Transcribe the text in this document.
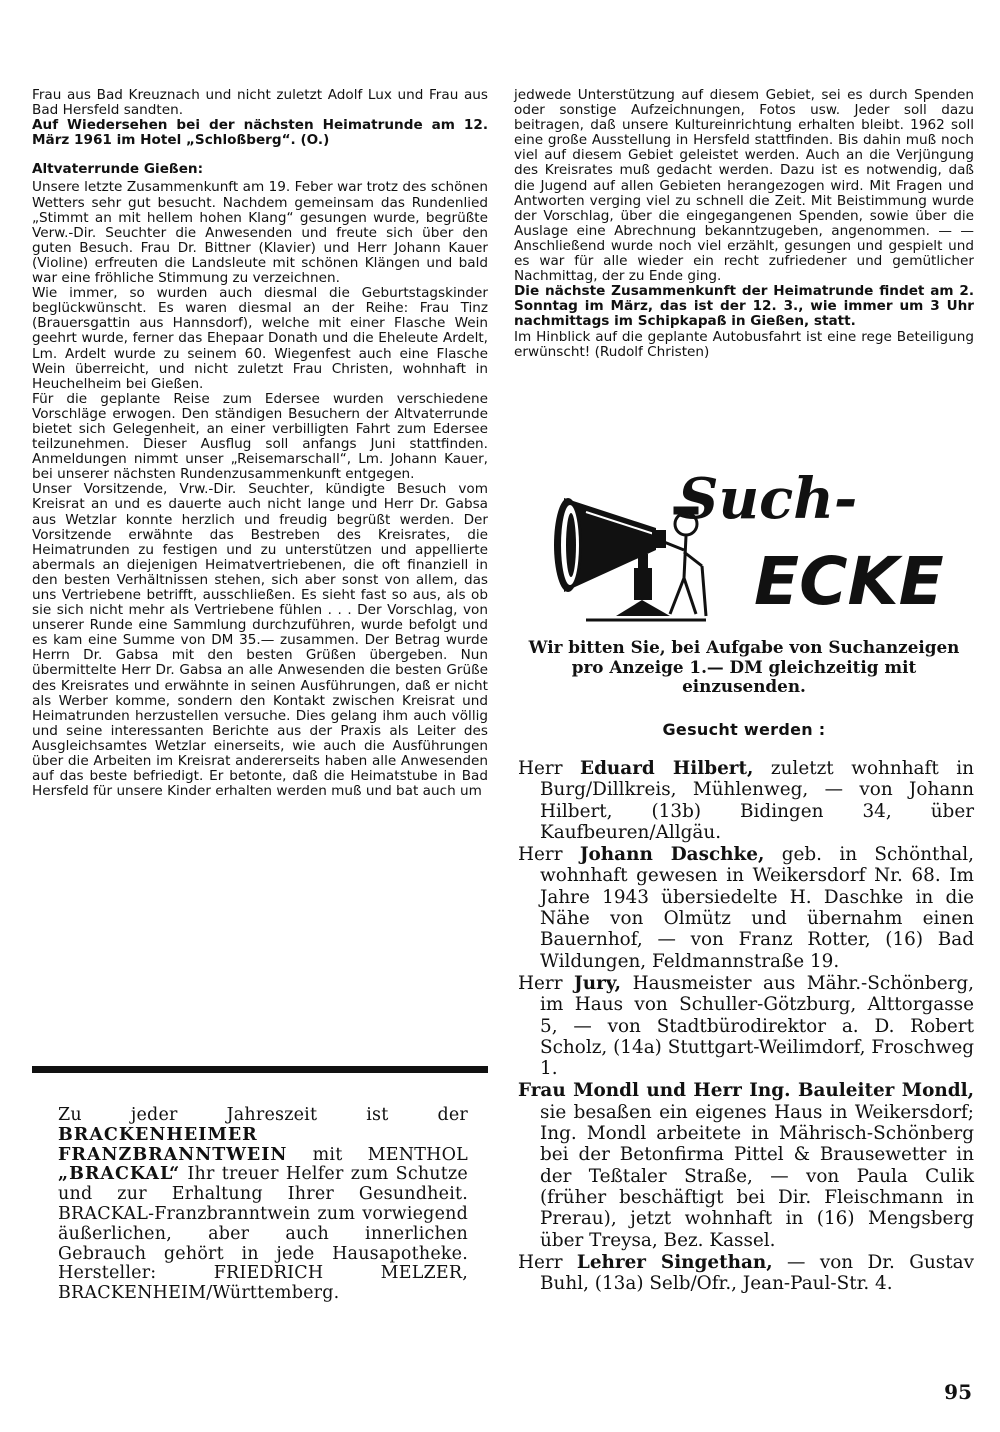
Frau aus Bad Kreuznach und nicht zuletzt Adolf Lux und Frau aus Bad Hersfeld sandten.

Auf Wiedersehen bei der nächsten Heimatrunde am 12. März 1961 im Hotel „Schloßberg“. (O.)

Altvaterrunde Gießen:

Unsere letzte Zusammenkunft am 19. Feber war trotz des schönen Wetters sehr gut besucht. Nachdem gemeinsam das Rundenlied „Stimmt an mit hellem hohen Klang“ gesungen wurde, begrüßte Verw.-Dir. Seuchter die Anwesenden und freute sich über den guten Besuch. Frau Dr. Bittner (Klavier) und Herr Johann Kauer (Violine) erfreuten die Landsleute mit schönen Klängen und bald war eine fröhliche Stimmung zu verzeichnen.

Wie immer, so wurden auch diesmal die Geburtstagskinder beglückwünscht. Es waren diesmal an der Reihe: Frau Tinz (Brauersgattin aus Hannsdorf), welche mit einer Flasche Wein geehrt wurde, ferner das Ehepaar Donath und die Eheleute Ardelt, Lm. Ardelt wurde zu seinem 60. Wiegenfest auch eine Flasche Wein überreicht, und nicht zuletzt Frau Christen, wohnhaft in Heuchelheim bei Gießen.

Für die geplante Reise zum Edersee wurden verschiedene Vorschläge erwogen. Den ständigen Besuchern der Altvaterrunde bietet sich Gelegenheit, an einer verbilligten Fahrt zum Edersee teilzunehmen. Dieser Ausflug soll anfangs Juni stattfinden. Anmeldungen nimmt unser „Reisemarschall“, Lm. Johann Kauer, bei unserer nächsten Rundenzusammenkunft entgegen.

Unser Vorsitzende, Vrw.-Dir. Seuchter, kündigte Besuch vom Kreisrat an und es dauerte auch nicht lange und Herr Dr. Gabsa aus Wetzlar konnte herzlich und freudig begrüßt werden. Der Vorsitzende erwähnte das Bestreben des Kreisrates, die Heimatrunden zu festigen und zu unterstützen und appellierte abermals an diejenigen Heimatvertriebenen, die oft finanziell in den besten Verhältnissen stehen, sich aber sonst von allem, das uns Vertriebene betrifft, ausschließen. Es sieht fast so aus, als ob sie sich nicht mehr als Vertriebene fühlen . . . Der Vorschlag, von unserer Runde eine Sammlung durchzuführen, wurde befolgt und es kam eine Summe von DM 35.— zusammen. Der Betrag wurde Herrn Dr. Gabsa mit den besten Grüßen übergeben. Nun übermittelte Herr Dr. Gabsa an alle Anwesenden die besten Grüße des Kreisrates und erwähnte in seinen Ausführungen, daß er nicht als Werber komme, sondern den Kontakt zwischen Kreisrat und Heimatrunden herzustellen versuche. Dies gelang ihm auch völlig und seine interessanten Berichte aus der Praxis als Leiter des Ausgleichsamtes Wetzlar einerseits, wie auch die Ausführungen über die Arbeiten im Kreisrat andererseits haben alle Anwesenden auf das beste befriedigt. Er betonte, daß die Heimatstube in Bad Hersfeld für unsere Kinder erhalten werden muß und bat auch um

jedwede Unterstützung auf diesem Gebiet, sei es durch Spenden oder sonstige Aufzeichnungen, Fotos usw. Jeder soll dazu beitragen, daß unsere Kultureinrichtung erhalten bleibt. 1962 soll eine große Ausstellung in Hersfeld stattfinden. Bis dahin muß noch viel auf diesem Gebiet geleistet werden. Auch an die Verjüngung des Kreisrates muß gedacht werden. Dazu ist es notwendig, daß die Jugend auf allen Gebieten herangezogen wird. Mit Fragen und Antworten verging viel zu schnell die Zeit. Mit Beistimmung wurde der Vorschlag, über die eingegangenen Spenden, sowie über die Auslage eine Abrechnung bekanntzugeben, angenommen. — — Anschließend wurde noch viel erzählt, gesungen und gespielt und es war für alle wieder ein recht zufriedener und gemütlicher Nachmittag, der zu Ende ging.

Die nächste Zusammenkunft der Heimatrunde findet am 2. Sonntag im März, das ist der 12. 3., wie immer um 3 Uhr nachmittags im Schipkapaß in Gießen, statt.

Im Hinblick auf die geplante Autobusfahrt ist eine rege Beteiligung erwünscht! (Rudolf Christen)

Zu jeder Jahreszeit ist der BRACKENHEIMER FRANZBRANNTWEIN mit MENTHOL „BRACKAL“ Ihr treuer Helfer zum Schutze und zur Erhaltung Ihrer Gesundheit. BRACKAL-Franzbranntwein zum vorwiegend äußerlichen, aber auch innerlichen Gebrauch gehört in jede Hausapotheke. Hersteller: FRIEDRICH MELZER, BRACKENHEIM/Württemberg.

Such-
ECKE

Wir bitten Sie, bei Aufgabe von Suchanzeigen pro Anzeige 1.— DM gleichzeitig mit einzusenden.

Gesucht werden :

Herr Eduard Hilbert, zuletzt wohnhaft in Burg/Dillkreis, Mühlenweg, — von Johann Hilbert, (13b) Bidingen 34, über Kaufbeuren/Allgäu.

Herr Johann Daschke, geb. in Schönthal, wohnhaft gewesen in Weikersdorf Nr. 68. Im Jahre 1943 übersiedelte H. Daschke in die Nähe von Olmütz und übernahm einen Bauernhof, — von Franz Rotter, (16) Bad Wildungen, Feldmannstraße 19.

Herr Jury, Hausmeister aus Mähr.-Schönberg, im Haus von Schuller-Götzburg, Alttorgasse 5, — von Stadtbürodirektor a. D. Robert Scholz, (14a) Stuttgart-Weilimdorf, Froschweg 1.

Frau Mondl und Herr Ing. Bauleiter Mondl, sie besaßen ein eigenes Haus in Weikersdorf; Ing. Mondl arbeitete in Mährisch-Schönberg bei der Betonfirma Pittel & Brausewetter in der Teßtaler Straße, — von Paula Culik (früher beschäftigt bei Dir. Fleischmann in Prerau), jetzt wohnhaft in (16) Mengsberg über Treysa, Bez. Kassel.

Herr Lehrer Singethan, — von Dr. Gustav Buhl, (13a) Selb/Ofr., Jean-Paul-Str. 4.

95
